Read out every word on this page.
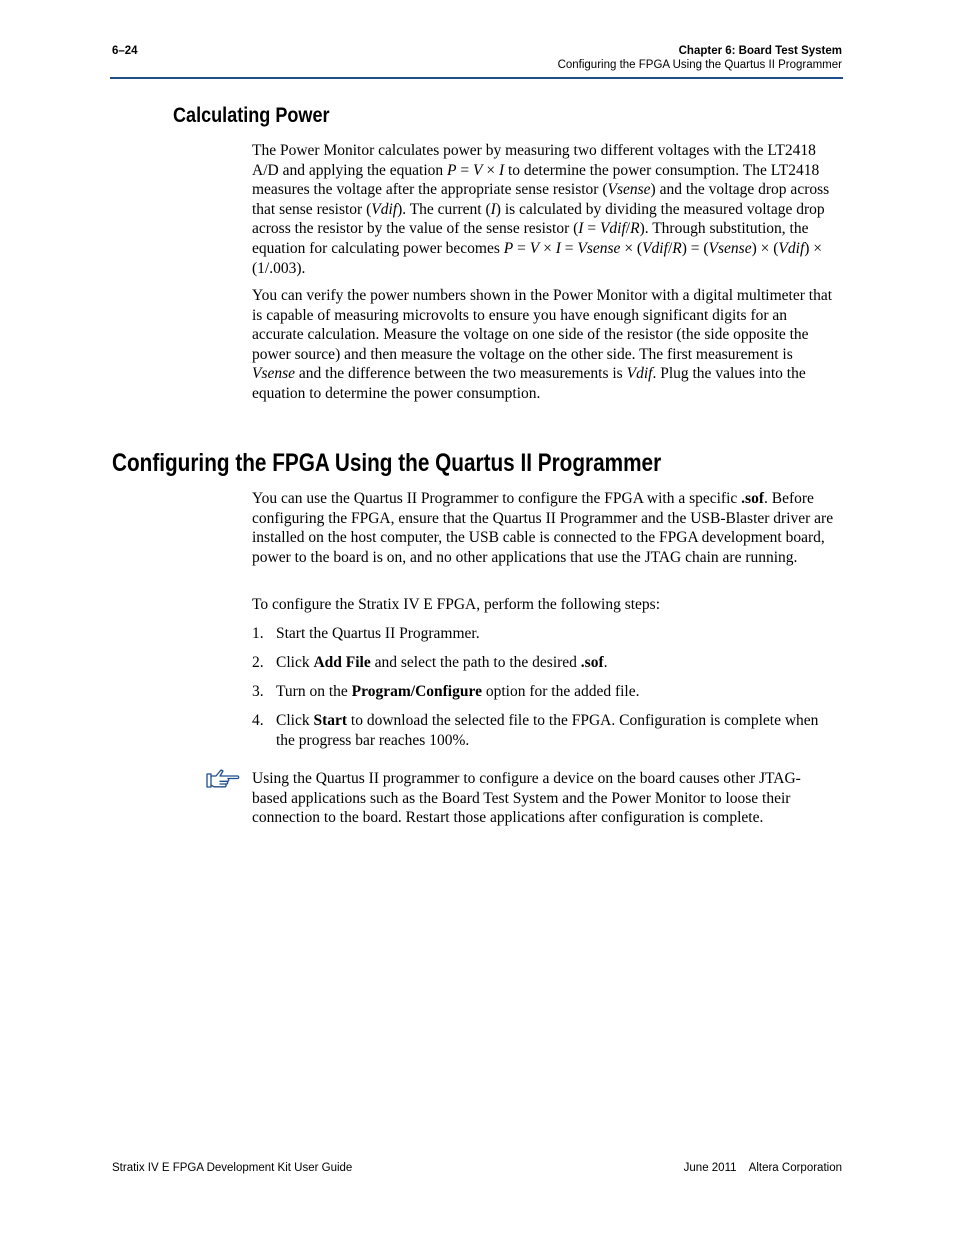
6–24	Chapter 6: Board Test System
Configuring the FPGA Using the Quartus II Programmer
Calculating Power

The Power Monitor calculates power by measuring two different voltages with the LT2418 A/D and applying the equation P = V × I to determine the power consumption. The LT2418 measures the voltage after the appropriate sense resistor (Vsense) and the voltage drop across that sense resistor (Vdif). The current (I) is calculated by dividing the measured voltage drop across the resistor by the value of the sense resistor (I = Vdif/R). Through substitution, the equation for calculating power becomes P = V × I = Vsense × (Vdif/R) = (Vsense) × (Vdif) × (1/.003).

You can verify the power numbers shown in the Power Monitor with a digital multimeter that is capable of measuring microvolts to ensure you have enough significant digits for an accurate calculation. Measure the voltage on one side of the resistor (the side opposite the power source) and then measure the voltage on the other side. The first measurement is Vsense and the difference between the two measurements is Vdif. Plug the values into the equation to determine the power consumption.

Configuring the FPGA Using the Quartus II Programmer

You can use the Quartus II Programmer to configure the FPGA with a specific .sof. Before configuring the FPGA, ensure that the Quartus II Programmer and the USB-Blaster driver are installed on the host computer, the USB cable is connected to the FPGA development board, power to the board is on, and no other applications that use the JTAG chain are running.

To configure the Stratix IV E FPGA, perform the following steps:
1. Start the Quartus II Programmer.
2. Click Add File and select the path to the desired .sof.
3. Turn on the Program/Configure option for the added file.
4. Click Start to download the selected file to the FPGA. Configuration is complete when the progress bar reaches 100%.

Using the Quartus II programmer to configure a device on the board causes other JTAG-based applications such as the Board Test System and the Power Monitor to loose their connection to the board. Restart those applications after configuration is complete.

Stratix IV E FPGA Development Kit User Guide	June 2011    Altera Corporation
